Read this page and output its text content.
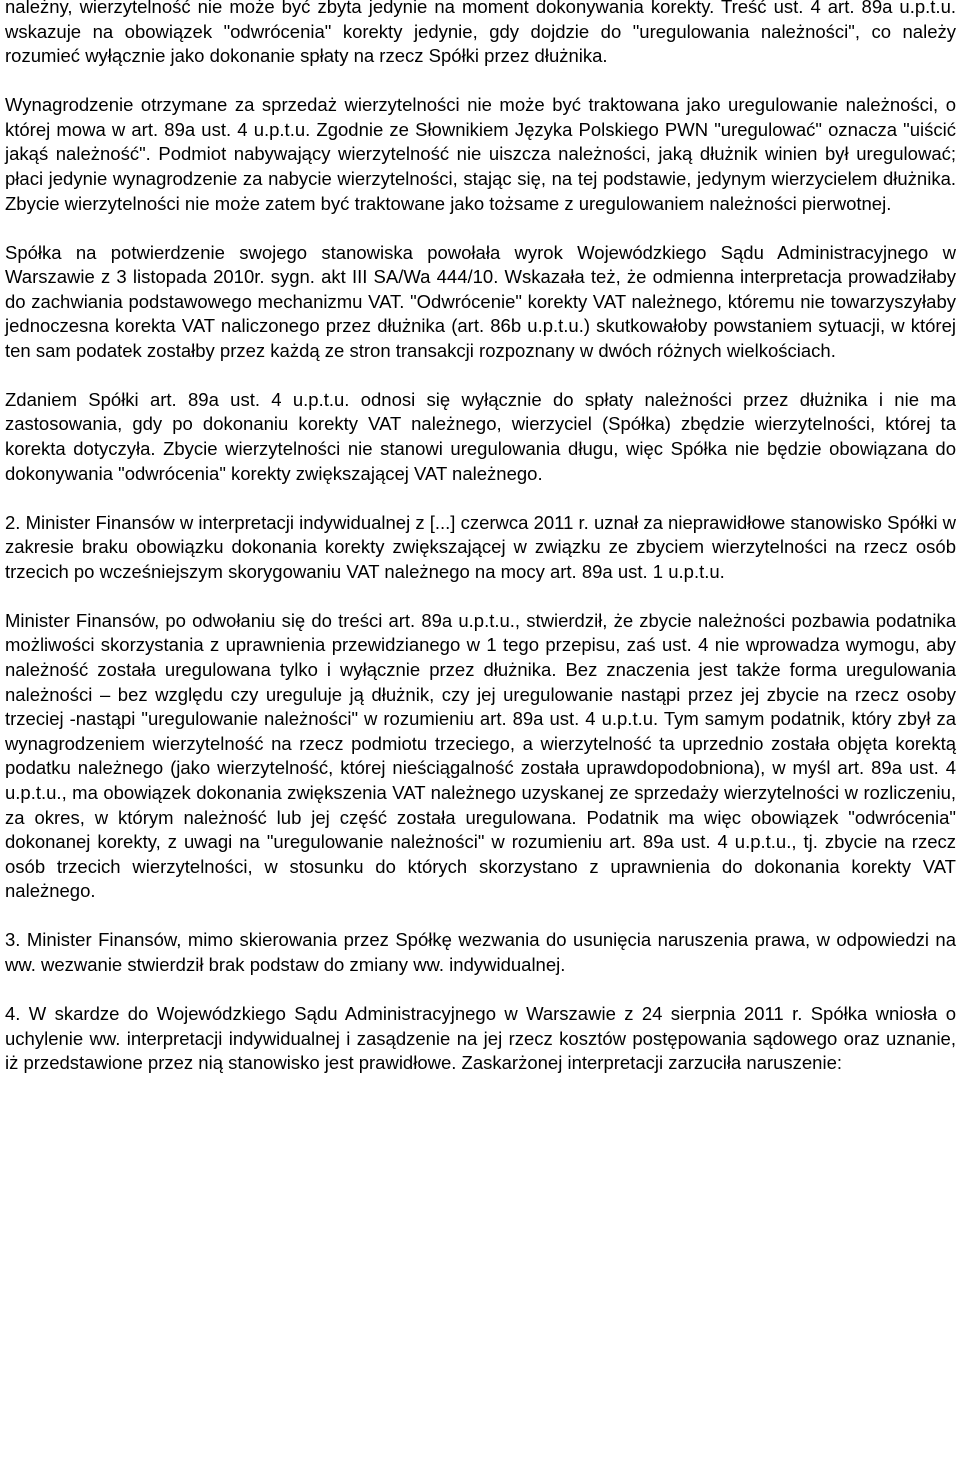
należny, wierzytelność nie może być zbyta jedynie na moment dokonywania korekty. Treść ust. 4 art. 89a u.p.t.u. wskazuje na obowiązek "odwrócenia" korekty jedynie, gdy dojdzie do "uregulowania należności", co należy rozumieć wyłącznie jako dokonanie spłaty na rzecz Spółki przez dłużnika.

Wynagrodzenie otrzymane za sprzedaż wierzytelności nie może być traktowana jako uregulowanie należności, o której mowa w art. 89a ust. 4 u.p.t.u. Zgodnie ze Słownikiem Języka Polskiego PWN "uregulować" oznacza "uiścić jakąś należność". Podmiot nabywający wierzytelność nie uiszcza należności, jaką dłużnik winien był uregulować; płaci jedynie wynagrodzenie za nabycie wierzytelności, stając się, na tej podstawie, jedynym wierzycielem dłużnika. Zbycie wierzytelności nie może zatem być traktowane jako tożsame z uregulowaniem należności pierwotnej.

Spółka na potwierdzenie swojego stanowiska powołała wyrok Wojewódzkiego Sądu Administracyjnego w Warszawie z 3 listopada 2010r. sygn. akt III SA/Wa 444/10. Wskazała też, że odmienna interpretacja prowadziłaby do zachwiania podstawowego mechanizmu VAT. "Odwrócenie" korekty VAT należnego, któremu nie towarzyszyłaby jednoczesna korekta VAT naliczonego przez dłużnika (art. 86b u.p.t.u.) skutkowałoby powstaniem sytuacji, w której ten sam podatek zostałby przez każdą ze stron transakcji rozpoznany w dwóch różnych wielkościach.

Zdaniem Spółki art. 89a ust. 4 u.p.t.u. odnosi się wyłącznie do spłaty należności przez dłużnika i nie ma zastosowania, gdy po dokonaniu korekty VAT należnego, wierzyciel (Spółka) zbędzie wierzytelności, której ta korekta dotyczyła. Zbycie wierzytelności nie stanowi uregulowania długu, więc Spółka nie będzie obowiązana do dokonywania "odwrócenia" korekty zwiększającej VAT należnego.

2. Minister Finansów w interpretacji indywidualnej z [...] czerwca 2011 r. uznał za nieprawidłowe stanowisko Spółki w zakresie braku obowiązku dokonania korekty zwiększającej w związku ze zbyciem wierzytelności na rzecz osób trzecich po wcześniejszym skorygowaniu VAT należnego na mocy art. 89a ust. 1 u.p.t.u.

Minister Finansów, po odwołaniu się do treści art. 89a u.p.t.u., stwierdził, że zbycie należności pozbawia podatnika możliwości skorzystania z uprawnienia przewidzianego w 1 tego przepisu, zaś ust. 4 nie wprowadza wymogu, aby należność została uregulowana tylko i wyłącznie przez dłużnika. Bez znaczenia jest także forma uregulowania należności – bez względu czy ureguluje ją dłużnik, czy jej uregulowanie nastąpi przez jej zbycie na rzecz osoby trzeciej -nastąpi "uregulowanie należności" w rozumieniu art. 89a ust. 4 u.p.t.u. Tym samym podatnik, który zbył za wynagrodzeniem wierzytelność na rzecz podmiotu trzeciego, a wierzytelność ta uprzednio została objęta korektą podatku należnego (jako wierzytelność, której nieściągalność została uprawdopodobniona), w myśl art. 89a ust. 4 u.p.t.u., ma obowiązek dokonania zwiększenia VAT należnego uzyskanej ze sprzedaży wierzytelności w rozliczeniu, za okres, w którym należność lub jej część została uregulowana. Podatnik ma więc obowiązek "odwrócenia" dokonanej korekty, z uwagi na "uregulowanie należności" w rozumieniu art. 89a ust. 4 u.p.t.u., tj. zbycie na rzecz osób trzecich wierzytelności, w stosunku do których skorzystano z uprawnienia do dokonania korekty VAT należnego.

3. Minister Finansów, mimo skierowania przez Spółkę wezwania do usunięcia naruszenia prawa, w odpowiedzi na ww. wezwanie stwierdził brak podstaw do zmiany ww. indywidualnej.

4. W skardze do Wojewódzkiego Sądu Administracyjnego w Warszawie z 24 sierpnia 2011 r. Spółka wniosła o uchylenie ww. interpretacji indywidualnej i zasądzenie na jej rzecz kosztów postępowania sądowego oraz uznanie, iż przedstawione przez nią stanowisko jest prawidłowe. Zaskarżonej interpretacji zarzuciła naruszenie:
